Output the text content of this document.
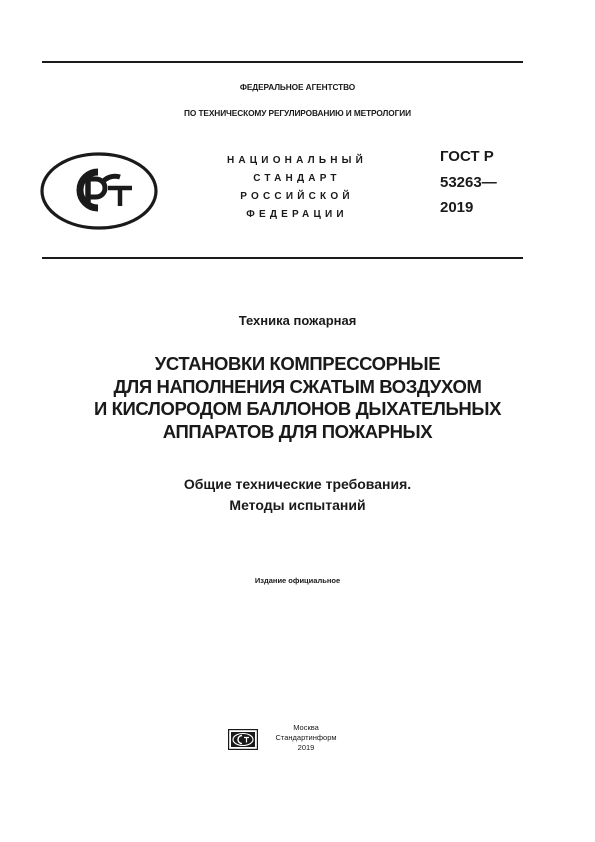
ФЕДЕРАЛЬНОЕ АГЕНТСТВО
ПО ТЕХНИЧЕСКОМУ РЕГУЛИРОВАНИЮ И МЕТРОЛОГИИ
НАЦИОНАЛЬНЫЙ
СТАНДАРТ
РОССИЙСКОЙ
ФЕДЕРАЦИИ
ГОСТ Р
53263—
2019
Техника пожарная
УСТАНОВКИ КОМПРЕССОРНЫЕ
ДЛЯ НАПОЛНЕНИЯ СЖАТЫМ ВОЗДУХОМ
И КИСЛОРОДОМ БАЛЛОНОВ ДЫХАТЕЛЬНЫХ
АППАРАТОВ ДЛЯ ПОЖАРНЫХ
Общие технические требования.
Методы испытаний
Издание официальное
Москва
Стандартинформ
2019
